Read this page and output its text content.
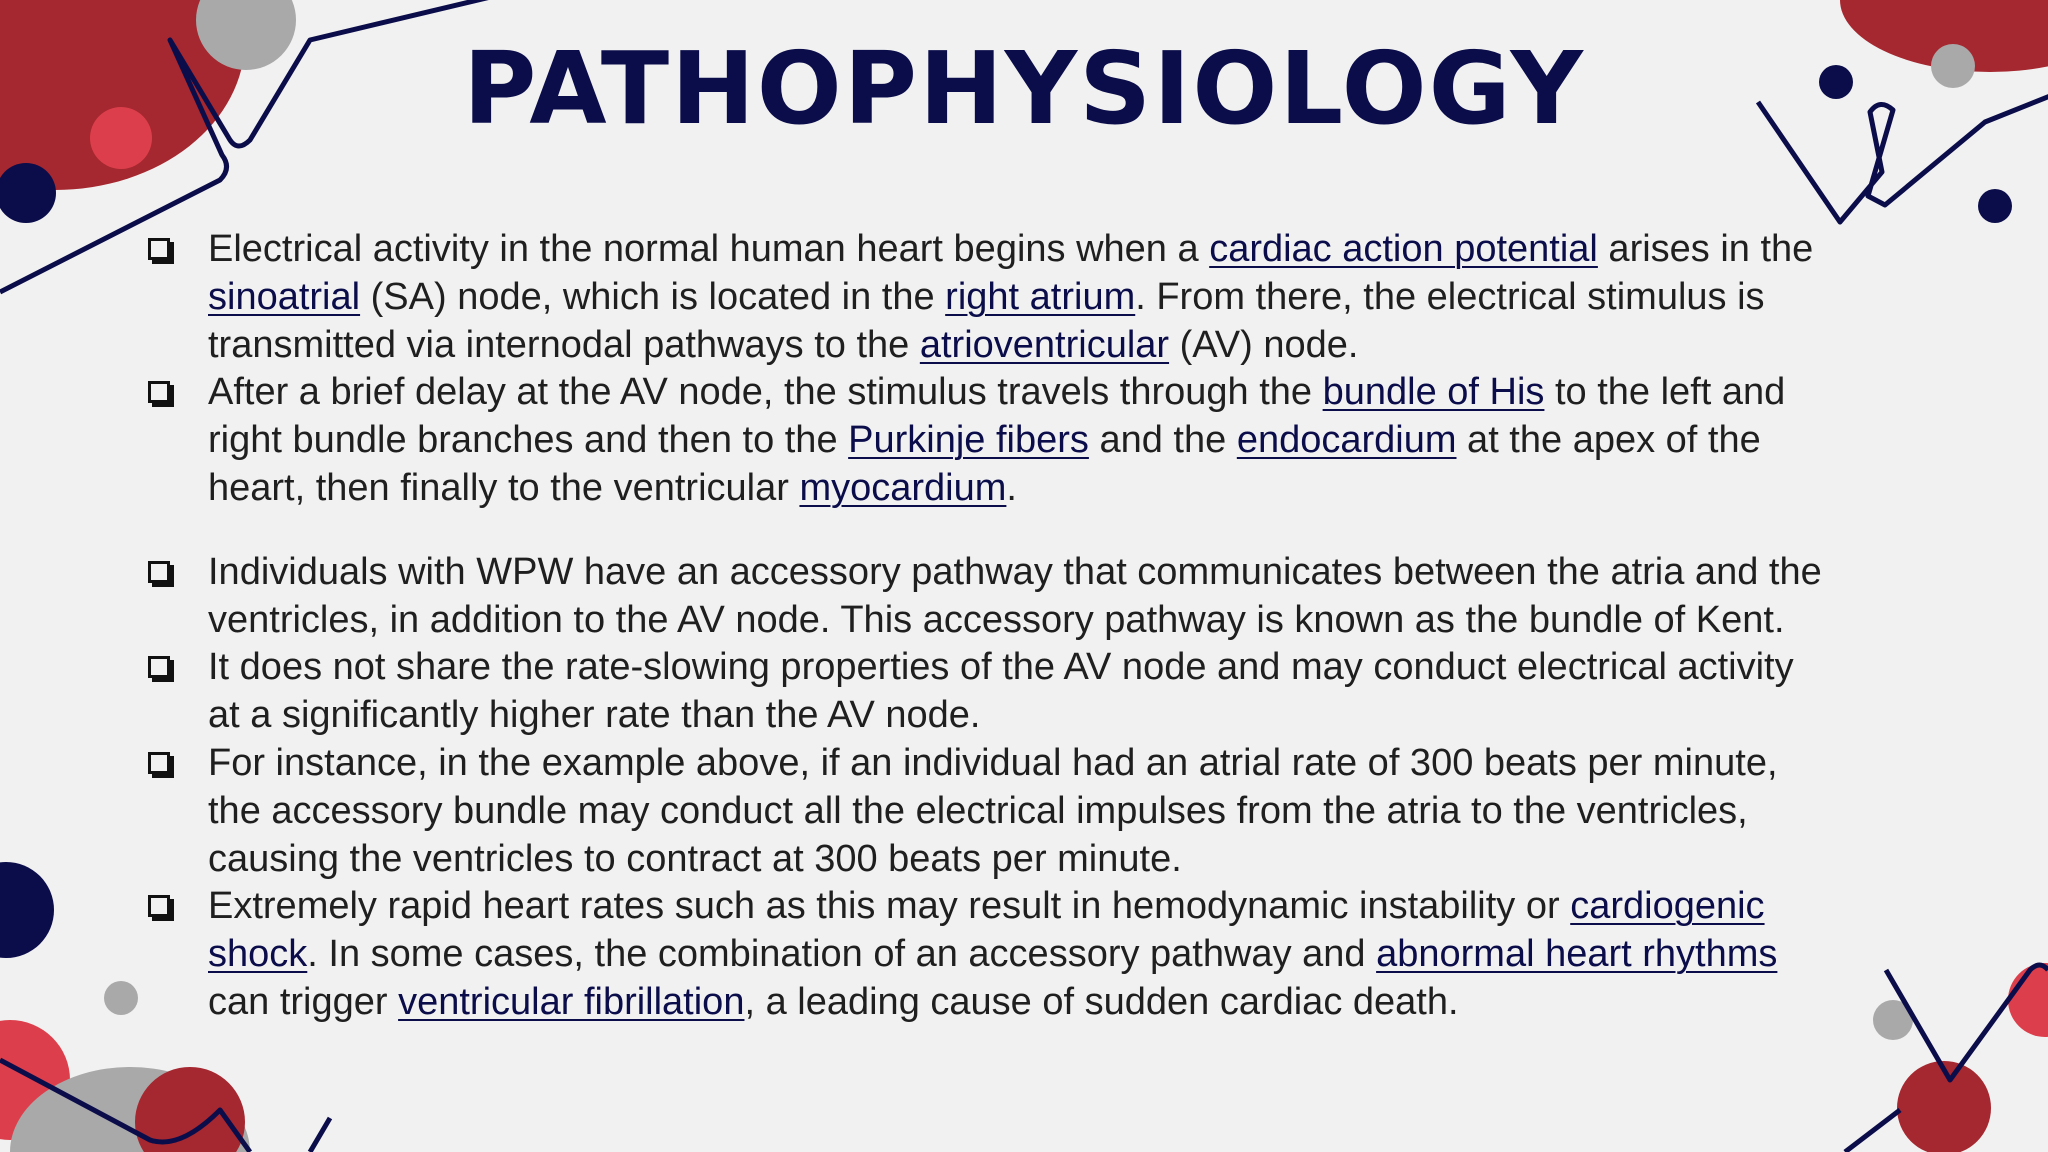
PATHOPHYSIOLOGY
Electrical activity in the normal human heart begins when a cardiac action potential arises in the sinoatrial (SA) node, which is located in the right atrium. From there, the electrical stimulus is transmitted via internodal pathways to the atrioventricular (AV) node.
After a brief delay at the AV node, the stimulus travels through the bundle of His to the left and right bundle branches and then to the Purkinje fibers and the endocardium at the apex of the heart, then finally to the ventricular myocardium.
Individuals with WPW have an accessory pathway that communicates between the atria and the ventricles, in addition to the AV node. This accessory pathway is known as the bundle of Kent.
It does not share the rate-slowing properties of the AV node and may conduct electrical activity at a significantly higher rate than the AV node.
For instance, in the example above, if an individual had an atrial rate of 300 beats per minute, the accessory bundle may conduct all the electrical impulses from the atria to the ventricles, causing the ventricles to contract at 300 beats per minute.
Extremely rapid heart rates such as this may result in hemodynamic instability or cardiogenic shock. In some cases, the combination of an accessory pathway and abnormal heart rhythms can trigger ventricular fibrillation, a leading cause of sudden cardiac death.
